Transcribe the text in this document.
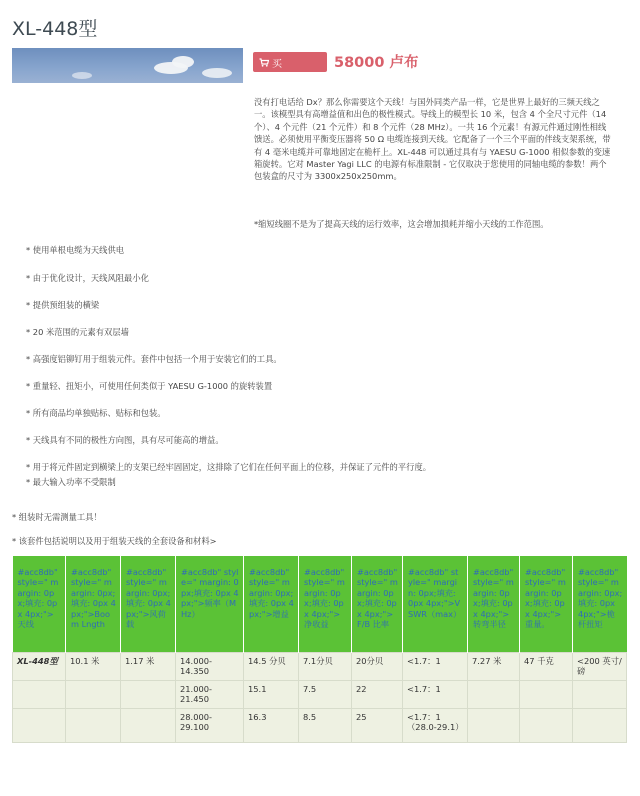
XL-448型
买	58000 卢布

没有打电话给 Dx？那么你需要这个天线！与国外同类产品一样，它是世界上最好的三频天线之一。该模型具有高增益值和出色的极性模式。导线上的模型长 10 米，包含 4 个全尺寸元件（14 个）、4 个元件（21 个元件）和 8 个元件（28 MHz）。一共 16 个元素！有源元件通过刚性相线馈送。必须使用平衡变压器将 50 Ω 电缆连接到天线。它配备了一个三个平面的伴线支架系统，带有 4 毫米电缆并可靠地固定在桅杆上。XL-448 可以通过具有与 YAESU G-1000 相似参数的变速箱旋转。它对 Master Yagi LLC 的电源有标准限制 - 它仅取决于您使用的同轴电缆的参数！两个包装盒的尺寸为 3300x250x250mm。

*缩短线圈不是为了提高天线的运行效率，这会增加损耗并缩小天线的工作范围。

* 使用单根电缆为天线供电
* 由于优化设计，天线风阻最小化
* 提供预组装的横梁
* 20 米范围的元素有双层墙
* 高强度铝铆钉用于组装元件。套件中包括一个用于安装它们的工具。
* 重量轻、扭矩小，可使用任何类似于 YAESU G-1000 的旋转装置
* 所有商品均单独贴标、贴标和包装。
* 天线具有不同的极性方向图，具有尽可能高的增益。
* 用于将元件固定到横梁上的支架已经牢固固定，这排除了它们在任何平面上的位移，并保证了元件的平行度。
* 最大输入功率不受限制
* 组装时无需测量工具！
* 该套件包括说明以及用于组装天线的全套设备和材料>
#acc8db" style=" margin: 0px;填充: 0px 4px;">天线	#acc8db" style=" margin: 0px;填充: 0px 4px;">Boom Lngth	#acc8db" style=" margin: 0px;填充: 0px 4px;">风荷载	#acc8db" style=" margin: 0px;填充: 0px 4px;">频率（MHz）	#acc8db" style=" margin: 0px;填充: 0px 4px;">增益	#acc8db" style=" margin: 0px;填充: 0px 4px;">净收益	#acc8db" style=" margin: 0px;填充: 0px 4px;">F/B 比率	#acc8db" style=" margin: 0px;填充: 0px 4px;">VSWR（max）	#acc8db" style=" margin: 0px;填充: 0px 4px;">转弯半径	#acc8db" style=" margin: 0px;填充: 0px 4px;">重量。	#acc8db" style=" margin: 0px;填充: 0px 4px;">桅杆扭矩
XL-448型	10.1 米	1.17 米	14.000-14.350	14.5 分贝	7.1分贝	20分贝	<1.7：1	7.27 米	47 千克	<200 英寸/磅
			21.000-21.450	15.1	7.5	22	<1.7：1			
			28.000-29.100	16.3	8.5	25	<1.7：1（28.0-29.1）			
